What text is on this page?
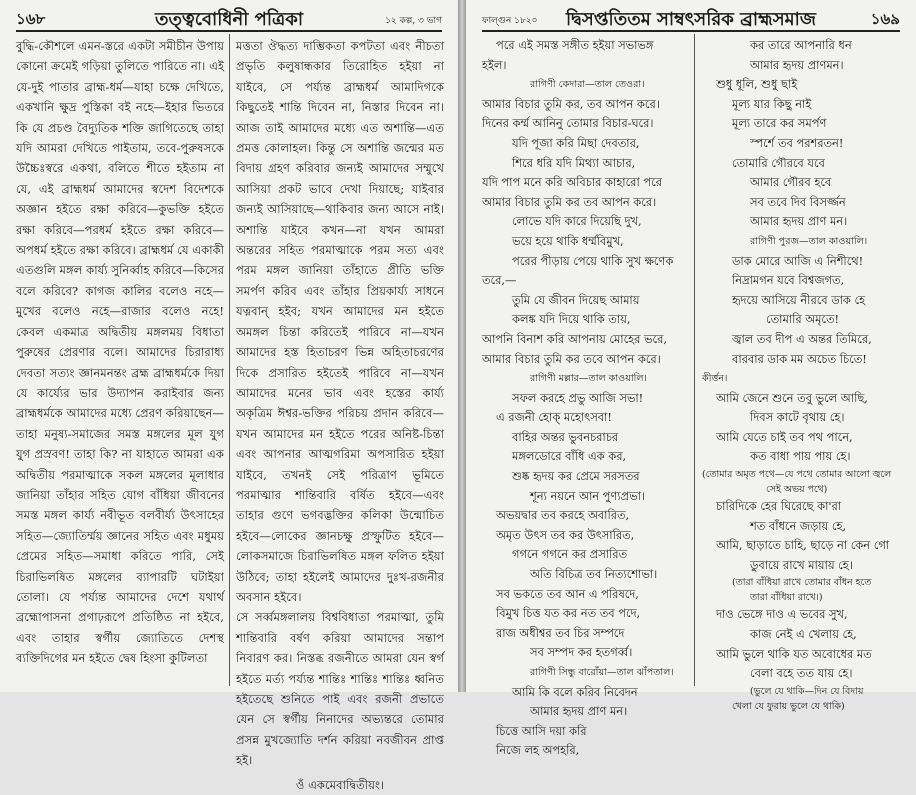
১৬৮	তত্ত্ববোধিনী পত্রিকা	১২ কল্প, ৩ ভাগ

বুদ্ধি-কৌশলে এমন-স্তরে একটা সমীচীন উপায় কোনো ক্রমেই গড়িয়া তুলিতে পারিতে না। এই যে-দুই পাতার ব্রাহ্ম-ধর্ম—যাহা চক্ষে দেখিতে, একখানি ক্ষুদ্র পুস্তিকা বই নহে—ইহার ভিতরে কি যে প্রচণ্ড বৈদ্যুতিক শক্তি জাগিতেছে তাহা যদি আমরা দেখিতে পাইতাম, তবে-পুরুষসকে উচ্চৈঃস্বরে একথা, বলিতে শীতে হইতাম না যে, এই ব্রাহ্মধর্ম আমাদের স্বদেশ বিদেশকে অজ্ঞান হইতে রক্ষা করিবে—কুভক্তি হইতে রক্ষা করিবে—পরধর্ম হইতে রক্ষা করিবে—অপধর্ম হইতে রক্ষা করিবে। ব্রাহ্মধর্ম যে একাকী এতগুলি মঙ্গল কার্য্য সুনির্ব্বাহ করিবে—কিসের বলে করিবে? কাগজ কালির বলেও নহে—মুখের বলেও নহে—রাজার বলেও নহে! কেবল একমাত্র অদ্বিতীয় মঙ্গলময় বিধাতা পুরুষের প্রেরণার বলে। আমাদের চিরারাধ্য দেবতা সত্যং জ্ঞানমনন্তং ব্রহ্ম ব্রাহ্মধর্মকে দিয়া যে কার্য্যের ভার উদ্যাপন করাইবার জন্য ব্রাহ্মধর্মকে আমাদের মধ্যে প্রেরণ করিয়াছেন—তাহা মনুষ্য-সমাজের সমস্ত মঙ্গলের মূল যুগ যুগ প্রস্রবণ! তাহা কি? না যাহাতে আমরা এক অদ্বিতীয় পরমাত্মাকে সকল মঙ্গলের মূলাধার জানিয়া তাঁহার সহিত যোগ বাঁধিয়া জীবনের সমস্ত মঙ্গল কার্য্য নবীভূত বলবীর্য্য উৎসাহের সহিত—জ্যোতির্ম্ময় জ্ঞানের সহিত এবং মধুময় প্রেমের সহিত—সমাধা করিতে পারি, সেই চিরাভিলষিত মঙ্গলের ব্যাপারটি ঘটাইয়া তোলা। যে পর্য্যন্ত আমাদের দেশে যথার্থ ব্রহ্মোপাসনা প্রগাঢ়রূপে প্রতিষ্ঠিত না হইবে, এবং তাহার স্বর্গীয় জ্যোতিতে দেশস্থ ব্যক্তিদিগের মন হইতে দ্বেষ হিংসা কুটিলতা

মত্ততা ঔদ্ধত্য দাম্ভিকতা কপটতা এবং নীচতা প্রভৃতি কলুষান্ধকার তিরোহিত হইয়া না যাইবে, সে পর্য্যন্ত ব্রাহ্মধর্ম আমাদিগকে কিছুতেই শান্তি দিবেন না, নিস্তার দিবেন না। আজ তাই আমাদের মধ্যে এত অশান্তি—এত প্রমত্ত কোলাহল। কিন্তু সে অশান্তি জন্মের মত বিদায় গ্রহণ করিবার জন্যই আমাদের সম্মুখে আসিয়া প্রকট ভাবে দেখা দিয়াছে; যাইবার জন্যই আসিয়াছে—থাকিবার জন্য আসে নাই। অশান্তি যাইবে কখন—না যখন আমরা অন্তরের সহিত পরমাত্মাকে পরম সত্য এবং পরম মঙ্গল জানিয়া তাঁহাতে প্রীতি ভক্তি সমর্পণ করিব এবং তাঁহার প্রিয়কার্য্য সাধনে যত্নবান্ হইব; যখন আমাদের মন হইতে অমঙ্গল চিন্তা করিতেই পারিবে না—যখন আমাদের হস্ত হিতাচরণ ভিন্ন অহিতাচরণের দিকে প্রসারিত হইতেই পারিবে না—যখন আমাদের মনের ভাব এবং হস্তের কার্য্য অকৃত্রিম ঈশ্বর-ভক্তির পরিচয় প্রদান করিবে—যখন আমাদের মন হইতে পরের অনিষ্ট-চিন্তা এবং আপনার আত্মগরিমা অপসারিত হইয়া যাইবে, তখনই সেই পরিত্রাণ ভূমিতে পরমাত্মার শান্তিবারি বর্ষিত হইবে—এবং তাহার গুণে ভগবদ্ভক্তির কলিকা উন্মোচিত হইবে—লোকের জ্ঞানচক্ষু প্রস্ফুটিত হইবে—লোকসমাজে চিরাভিলষিত মঙ্গল ফলিত হইয়া উঠিবে; তাহা হইলেই আমাদের দুঃখ-রজনীর অবসান হইবে।

সে সর্ব্বমঙ্গলালয় বিশ্ববিধাতা পরমাত্মা, তুমি শান্তিবারি বর্ষণ করিয়া আমাদের সন্তাপ নিবারণ কর। নিস্তব্ধ রজনীতে আমরা যেন স্বর্গ হইতে মর্ত্য পর্য্যন্ত শান্তিঃ শান্তিঃ শান্তিঃ ধ্বনিত হইতেছে শুনিতে পাই এবং রজনী প্রভাতে যেন সে স্বর্গীয় নিনাদের অভ্যন্তরে তোমার প্রসন্ন মুখজ্যোতি দর্শন করিয়া নবজীবন প্রাপ্ত হই।

ওঁ একমেবাদ্বিতীয়ং।
ফাল্গুন ১৮২০	দ্বিসপ্ততিতম সাম্বৎসরিক ব্রাহ্মসমাজ	১৬৯
পরে এই সমস্ত সঙ্গীত হইয়া সভাভঙ্গ
হইল।
রাগিণী কেদারা—তাল তেওরা।
আমার বিচার তুমি কর, তব আপন করে।
দিনের কর্ম্ম আনিনু তোমার বিচার-ঘরে।
যদি পূজা করি মিছা দেবতার,
শিরে ধরি যদি মিথ্যা আচার,
যদি পাপ মনে করি অবিচার কাহারো পরে
আমার বিচার তুমি কর তব আপন করে।
লোভে যদি কারে দিয়েছি দুখ,
ভয়ে হয়ে থাকি ধর্ম্মবিমুখ,
পরের পীড়ায় পেয়ে থাকি সুখ ক্ষণেক
তরে,—
তুমি যে জীবন দিয়েছ আমায়
কলঙ্ক যদি দিয়ে থাকি তায়,
আপনি বিনাশ করি আপনায় মোহের ভরে,
আমার বিচার তুমি কর তবে আপন করে।
রাগিণী মল্লার—তাল কাওয়ালি।
সফল করহে প্রভু আজি সভা!
এ রজনী হোক্‌ মহোৎসবা!
বাহির অন্তর ভুবনচরাচর
মঙ্গলডোরে বাঁধি এক কর,
শুষ্ক হৃদয় কর প্রেমে সরসতর
শূন্য নয়নে আন পুণ্যপ্রভা।
অভয়দ্বার তব করহে অবারিত,
অমৃত উৎস তব কর উৎসারিত,
গগনে গগনে কর প্রসারিত
অতি বিচিত্র তব নিত্যশোভা।
সব ভকতে তব আন এ পরিষদে,
বিমুখ চিত্ত যত কর নত তব পদে,
রাজ অধীশ্বর তব চির সম্পদে
সব সম্পদ কর হতগর্ব্ব।
রাগিণী সিন্ধু বারোঁয়া—তাল ঝাঁপতাল।
আমি কি বলে করিব নিবেদন
আমার হৃদয় প্রাণ মন।
চিত্তে আসি দয়া করি
নিজে লহ অপহরি,
কর তারে আপনারি ধন
আমার হৃদয় প্রাণমন।
শুধু ধূলি, শুধু ছাই
মূল্য যার কিছু নাই
মূল্য তারে কর সমর্পণ
স্পর্শে তব পরশরতন!
তোমারি গৌরবে যবে
আমার গৌরব হবে
সব তবে দিব বিসর্জ্জন
আমার হৃদয় প্রাণ মন।
রাগিণী পুরজ—তাল কাওয়ালি।
ডাক মোরে আজি এ নিশীথে!
নিদ্রামগন যবে বিশ্বজগত,
হৃদয়ে আসিয়ে নীরবে ডাক হে
তোমারি অমৃতে!
জ্বাল তব দীপ এ অন্তর তিমিরে,
বারবার ডাক মম অচেত চিতে!
কীর্ত্তন।
আমি জেনে শুনে তবু ভুলে আছি,
দিবস কাটে বৃথায় হে।
আমি যেতে চাই তব পথ পানে,
কত বাধা পায় পায় হে।
(তোমার অমৃত পথে—যে পথে তোমার আলো জ্বলে
সেই অভয় পথে)
চারিদিকে হের ঘিরেছে কা'রা
শত বাঁধনে জড়ায় হে,
আমি, ছাড়াতে চাহি, ছাড়ে না কেন গো
ডুবায়ে রাখে মায়ায় হে।
(তারা বাঁধিয়া রাখে তোমার বাঁধন হতে
তারা বাঁধিয়া রাখে।)
দাও ভেঙ্গে দাও এ ভবের সুখ,
কাজ নেই এ খেলায় হে,
আমি ভুলে থাকি যত অবোধের মত
বেলা বহে তত যায় হে।
(ভুলে যে থাকি—দিন যে বিদায়
খেলা যে ফুরায় ভুলে যে থাকি)
